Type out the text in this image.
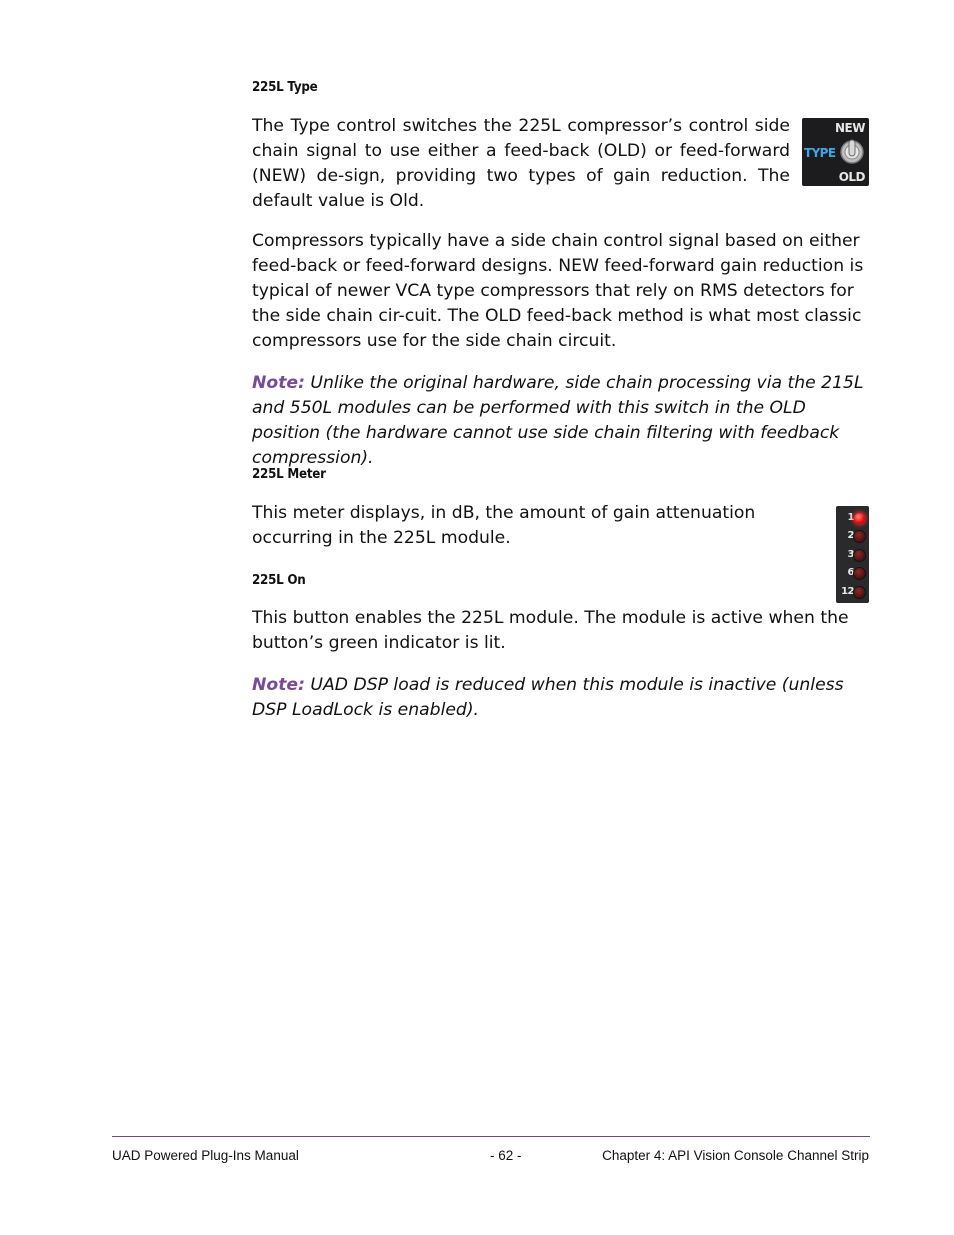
225L Type

The Type control switches the 225L compressor’s control side chain signal to use either a feed-back (OLD) or feed-forward (NEW) de-sign, providing two types of gain reduction. The default value is Old.

NEW
TYPE
OLD

Compressors typically have a side chain control signal based on either feed-back or feed-forward designs. NEW feed-forward gain reduction is typical of newer VCA type compressors that rely on RMS detectors for the side chain cir-cuit. The OLD feed-back method is what most classic compressors use for the side chain circuit.

Note: Unlike the original hardware, side chain processing via the 215L and 550L modules can be performed with this switch in the OLD position (the hardware cannot use side chain filtering with feedback compression).

225L Meter

This meter displays, in dB, the amount of gain attenuation occurring in the 225L module.

1
2
3
6
12
225L On

This button enables the 225L module. The module is active when the button’s green indicator is lit.

Note: UAD DSP load is reduced when this module is inactive (unless DSP LoadLock is enabled).

UAD Powered Plug-Ins Manual	- 62 -	Chapter 4: API Vision Console Channel Strip
